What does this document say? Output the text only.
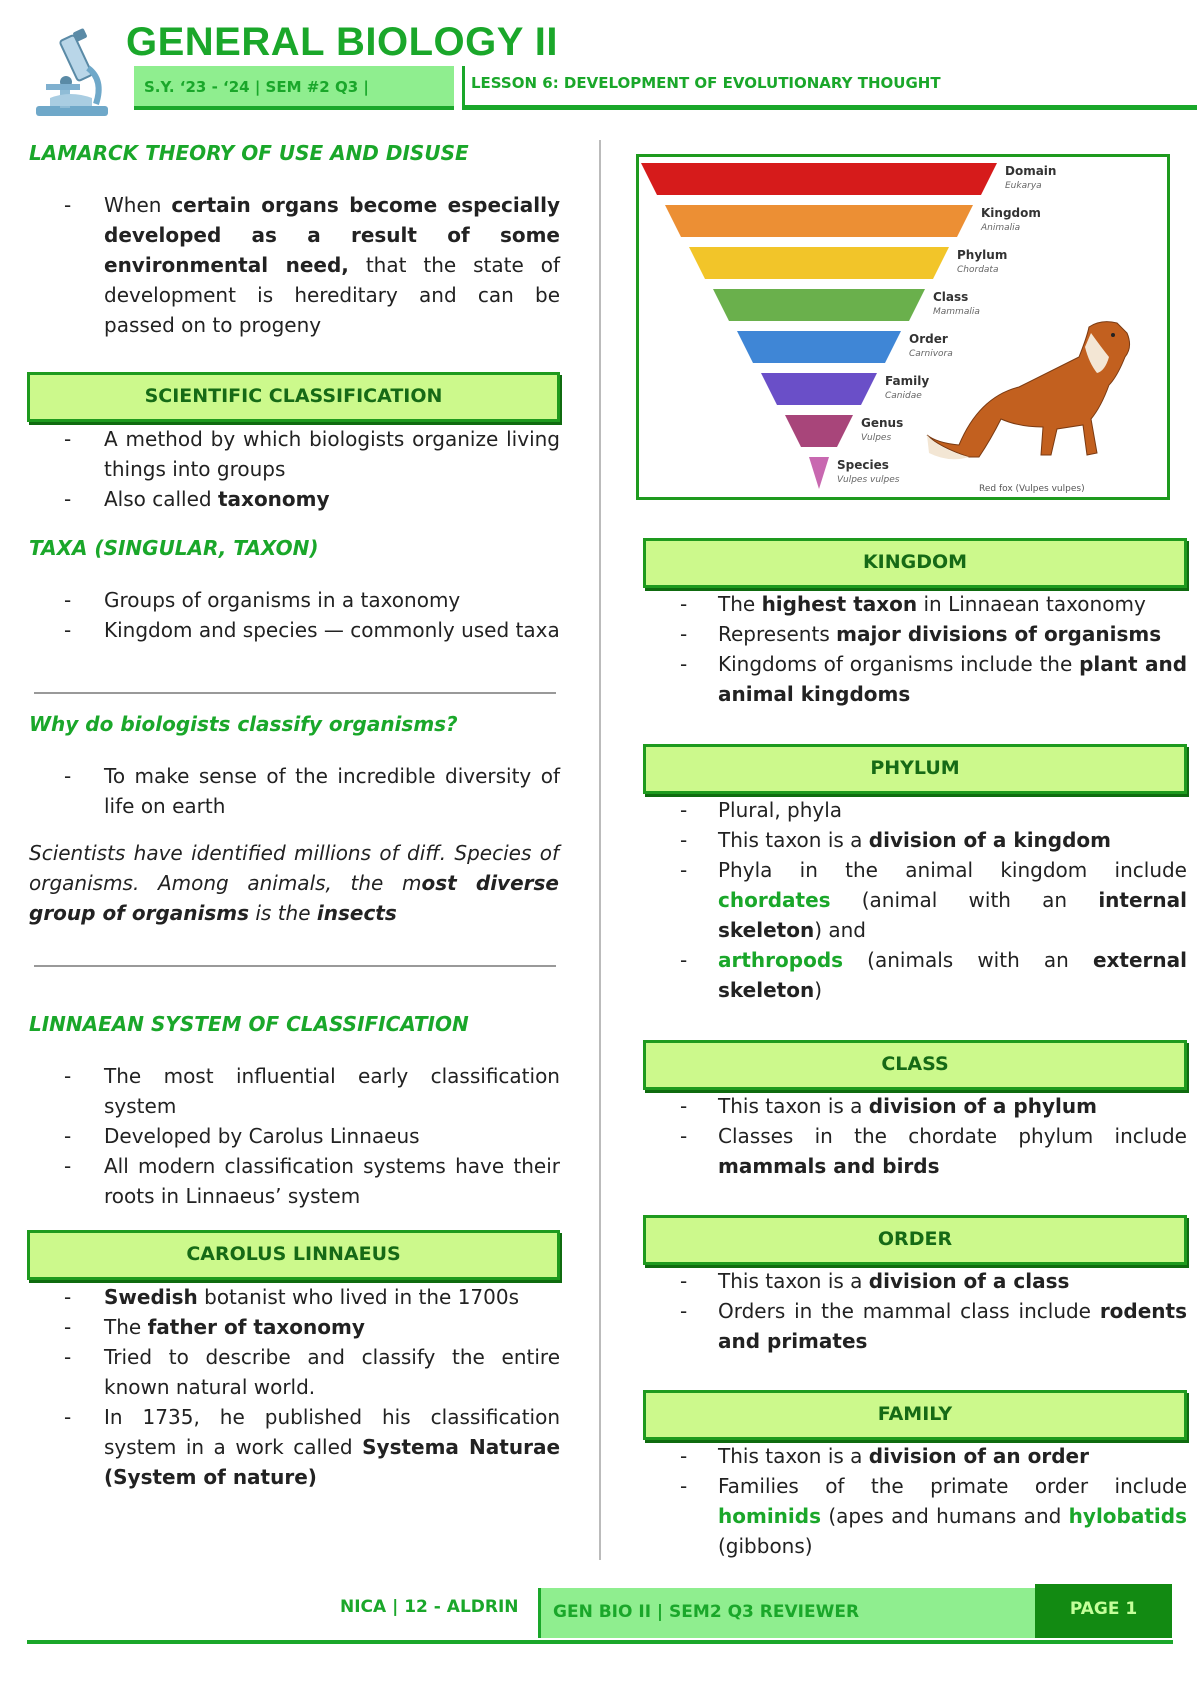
GENERAL BIOLOGY II
S.Y. ‘23 - ‘24 | SEM #2 Q3 |	LESSON 6: DEVELOPMENT OF EVOLUTIONARY THOUGHT
LAMARCK THEORY OF USE AND DISUSE
- When certain organs become especially developed as a result of some environmental need, that the state of development is hereditary and can be passed on to progeny
SCIENTIFIC CLASSIFICATION
- A method by which biologists organize living things into groups
- Also called taxonomy
TAXA (SINGULAR, TAXON)
- Groups of organisms in a taxonomy
- Kingdom and species — commonly used taxa
Why do biologists classify organisms?
- To make sense of the incredible diversity of life on earth
Scientists have identified millions of diff. Species of organisms. Among animals, the most diverse group of organisms is the insects
LINNAEAN SYSTEM OF CLASSIFICATION
- The most influential early classification system
- Developed by Carolus Linnaeus
- All modern classification systems have their roots in Linnaeus’ system
CAROLUS LINNAEUS
- Swedish botanist who lived in the 1700s
- The father of taxonomy
- Tried to describe and classify the entire known natural world.
- In 1735, he published his classification system in a work called Systema Naturae (System of nature)
Domain
Eukarya
Kingdom
Animalia
Phylum
Chordata
Class
Mammalia
Order
Carnivora
Family
Canidae
Genus
Vulpes
Species
Vulpes vulpes
Red fox (Vulpes vulpes)
KINGDOM
- The highest taxon in Linnaean taxonomy
- Represents major divisions of organisms
- Kingdoms of organisms include the plant and animal kingdoms
PHYLUM
- Plural, phyla
- This taxon is a division of a kingdom
- Phyla in the animal kingdom include chordates (animal with an internal skeleton) and
- arthropods (animals with an external skeleton)
CLASS
- This taxon is a division of a phylum
- Classes in the chordate phylum include mammals and birds
ORDER
- This taxon is a division of a class
- Orders in the mammal class include rodents and primates
FAMILY
- This taxon is a division of an order
- Families of the primate order include hominids (apes and humans and hylobatids (gibbons)
NICA | 12 - ALDRIN	GEN BIO II | SEM2 Q3 REVIEWER	PAGE 1
